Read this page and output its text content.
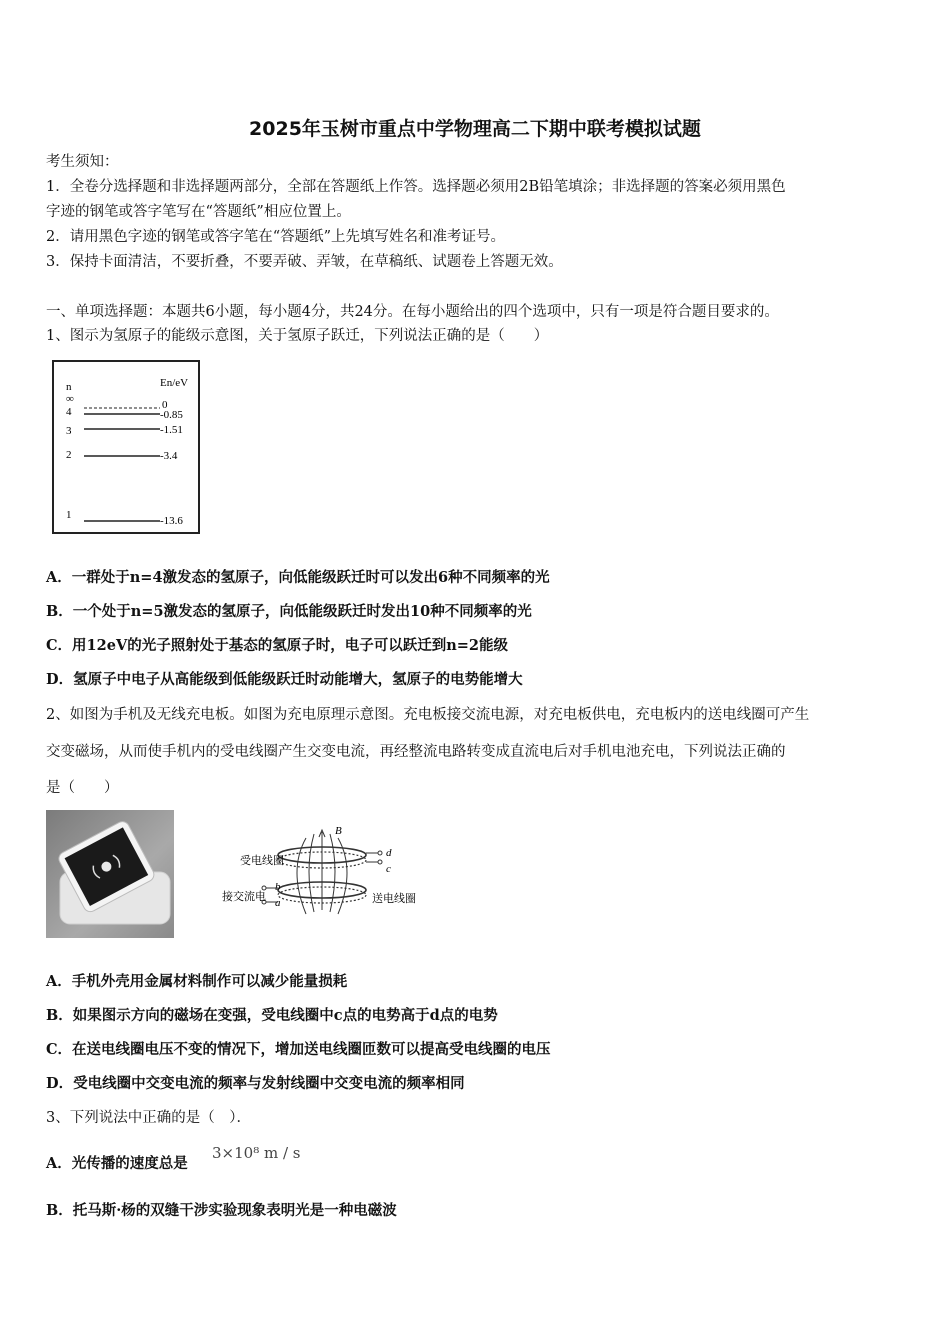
2025年玉树市重点中学物理高二下期中联考模拟试题
考生须知：
1．全卷分选择题和非选择题两部分，全部在答题纸上作答。选择题必须用2B铅笔填涂；非选择题的答案必须用黑色
字迹的钢笔或答字笔写在“答题纸”相应位置上。
2．请用黑色字迹的钢笔或答字笔在“答题纸”上先填写姓名和准考证号。
3．保持卡面清洁，不要折叠，不要弄破、弄皱，在草稿纸、试题卷上答题无效。
一、单项选择题：本题共6小题，每小题4分，共24分。在每小题给出的四个选项中，只有一项是符合题目要求的。
1、图示为氢原子的能级示意图，关于氢原子跃迁，下列说法正确的是（　　）
n	En/eV
∞
4
3
2
1
0
-0.85
-1.51
-3.4
-13.6
A．一群处于n=4激发态的氢原子，向低能级跃迁时可以发出6种不同频率的光
B．一个处于n=5激发态的氢原子，向低能级跃迁时发出10种不同频率的光
C．用12eV的光子照射处于基态的氢原子时，电子可以跃迁到n=2能级
D．氢原子中电子从高能级到低能级跃迁时动能增大，氢原子的电势能增大
2、如图为手机及无线充电板。如图为充电原理示意图。充电板接交流电源，对充电板供电，充电板内的送电线圈可产生
交变磁场，从而使手机内的受电线圈产生交变电流，再经整流电路转变成直流电后对手机电池充电，下列说法正确的
是（　　）
B
受电线圈
接交流电	送电线圈
d
c
b
a
A．手机外壳用金属材料制作可以减少能量损耗
B．如果图示方向的磁场在变强，受电线圈中c点的电势高于d点的电势
C．在送电线圈电压不变的情况下，增加送电线圈匝数可以提高受电线圈的电压
D．受电线圈中交变电流的频率与发射线圈中交变电流的频率相同
3、下列说法中正确的是（　）．
A．光传播的速度总是
3×10⁸ m / s
B．托马斯·杨的双缝干涉实验现象表明光是一种电磁波
